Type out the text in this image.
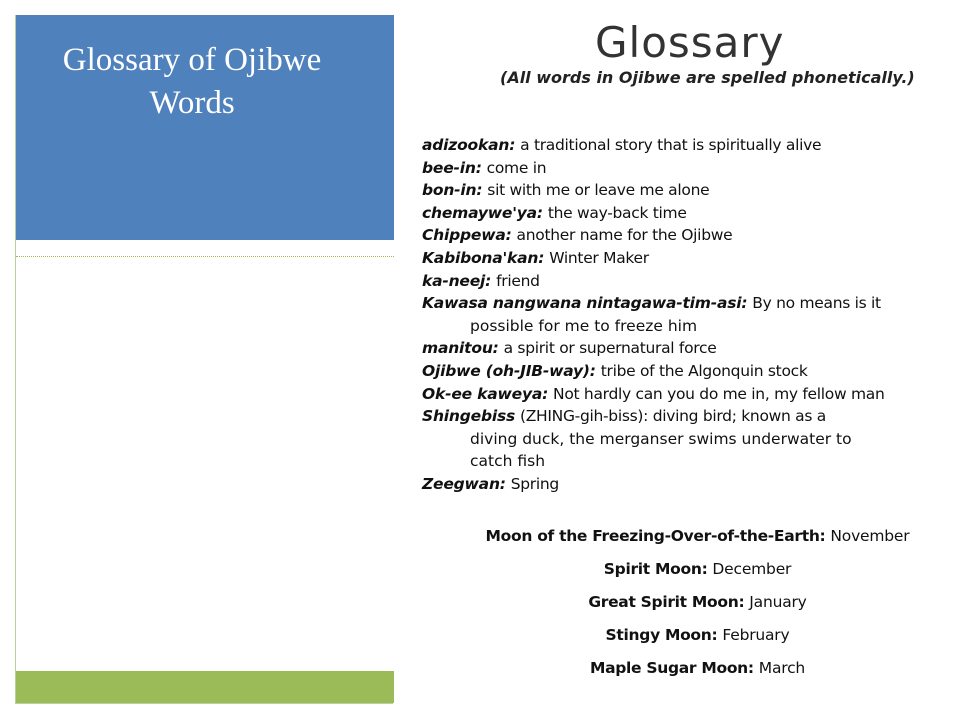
Glossary of Ojibwe
Words
Glossary
(All words in Ojibwe are spelled phonetically.)
adizookan: a traditional story that is spiritually alive
bee-in: come in
bon-in: sit with me or leave me alone
chemaywe'ya: the way-back time
Chippewa: another name for the Ojibwe
Kabibona'kan: Winter Maker
ka-neej: friend
Kawasa nangwana nintagawa-tim-asi: By no means is it
possible for me to freeze him
manitou: a spirit or supernatural force
Ojibwe (oh-JIB-way): tribe of the Algonquin stock
Ok-ee kaweya: Not hardly can you do me in, my fellow man
Shingebiss (ZHING-gih-biss): diving bird; known as a
diving duck, the merganser swims underwater to
catch fish
Zeegwan: Spring
Moon of the Freezing-Over-of-the-Earth: November
Spirit Moon: December
Great Spirit Moon: January
Stingy Moon: February
Maple Sugar Moon: March
